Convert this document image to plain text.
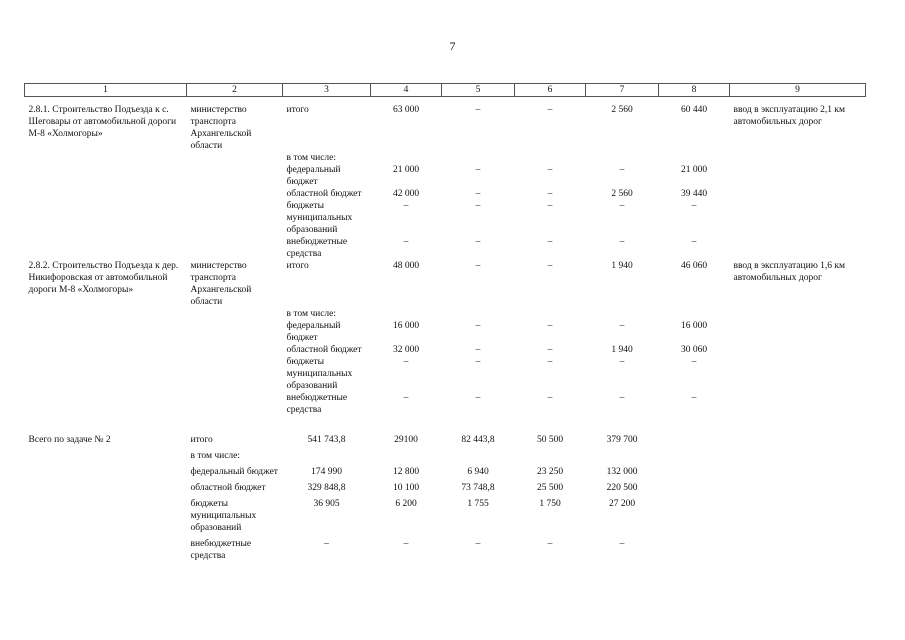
7
1	2	3	4	5	6	7	8	9

2.8.1. Строительство Подъезда к с. Шеговары от автомобильной дороги М-8 «Холмогоры»	министерство транспорта Архангельской области	итого	63 000	–	–	2 560	60 440	ввод в эксплуатацию 2,1 км автомобильных дорог
		в том числе:						
		федеральный бюджет	21 000	–	–	–	21 000	
		областной бюджет	42 000	–	–	2 560	39 440	
		бюджеты муниципальных образований	–	–	–	–	–	
		внебюджетные средства	–	–	–	–	–	
2.8.2. Строительство Подъезда к дер. Никифоровская от автомобильной дороги М-8 «Холмогоры»	министерство транспорта Архангельской области	итого	48 000	–	–	1 940	46 060	ввод в эксплуатацию 1,6 км автомобильных дорог
		в том числе:						
		федеральный бюджет	16 000	–	–	–	16 000	
		областной бюджет	32 000	–	–	1 940	30 060	
		бюджеты муниципальных образований	–	–	–	–	–	
		внебюджетные средства	–	–	–	–	–	

Всего по задаче № 2	итого	541 743,8	29100	82 443,8	50 500	379 700		
	в том числе:							
	федеральный бюджет	174 990	12 800	6 940	23 250	132 000		
	областной бюджет	329 848,8	10 100	73 748,8	25 500	220 500		
	бюджеты муниципальных образований	36 905	6 200	1 755	1 750	27 200		
	внебюджетные средства	–	–	–	–	–		
